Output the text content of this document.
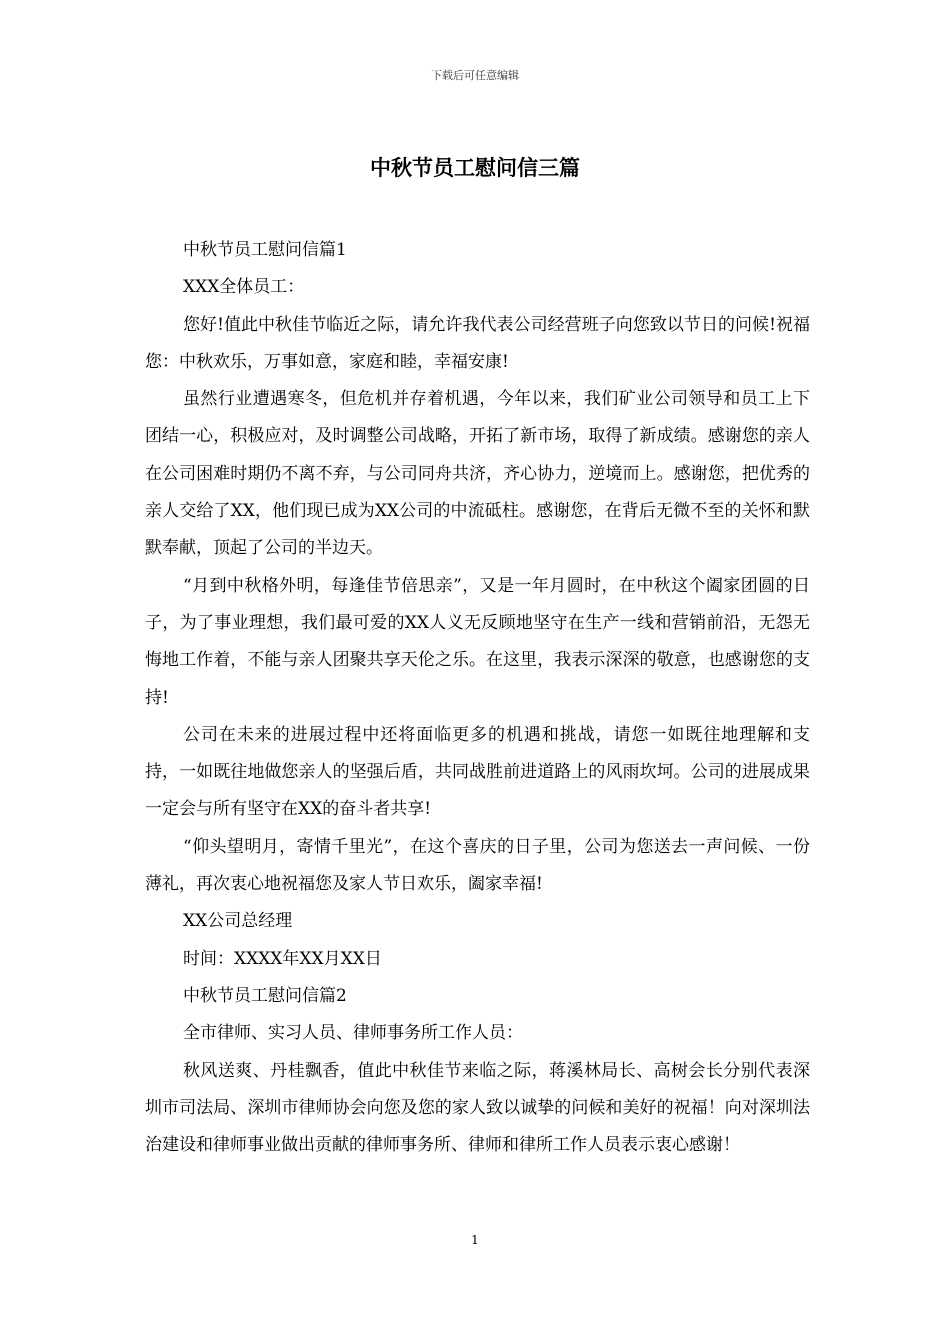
下载后可任意编辑
中秋节员工慰问信三篇

中秋节员工慰问信篇1

XXX全体员工：

您好!值此中秋佳节临近之际，请允许我代表公司经营班子向您致以节日的问候!祝福您：中秋欢乐，万事如意，家庭和睦，幸福安康!

虽然行业遭遇寒冬，但危机并存着机遇，今年以来，我们矿业公司领导和员工上下团结一心，积极应对，及时调整公司战略，开拓了新市场，取得了新成绩。感谢您的亲人在公司困难时期仍不离不弃，与公司同舟共济，齐心协力，逆境而上。感谢您，把优秀的亲人交给了XX，他们现已成为XX公司的中流砥柱。感谢您，在背后无微不至的关怀和默默奉献，顶起了公司的半边天。

“月到中秋格外明，每逢佳节倍思亲”，又是一年月圆时，在中秋这个阖家团圆的日子，为了事业理想，我们最可爱的XX人义无反顾地坚守在生产一线和营销前沿，无怨无悔地工作着，不能与亲人团聚共享天伦之乐。在这里，我表示深深的敬意，也感谢您的支持!

公司在未来的进展过程中还将面临更多的机遇和挑战，请您一如既往地理解和支持，一如既往地做您亲人的坚强后盾，共同战胜前进道路上的风雨坎坷。公司的进展成果一定会与所有坚守在XX的奋斗者共享!

“仰头望明月，寄情千里光”，在这个喜庆的日子里，公司为您送去一声问候、一份薄礼，再次衷心地祝福您及家人节日欢乐，阖家幸福!

XX公司总经理

时间：XXXX年XX月XX日

中秋节员工慰问信篇2

全市律师、实习人员、律师事务所工作人员：

秋风送爽、丹桂飘香，值此中秋佳节来临之际，蒋溪林局长、高树会长分别代表深圳市司法局、深圳市律师协会向您及您的家人致以诚挚的问候和美好的祝福！向对深圳法治建设和律师事业做出贡献的律师事务所、律师和律所工作人员表示衷心感谢！

1
